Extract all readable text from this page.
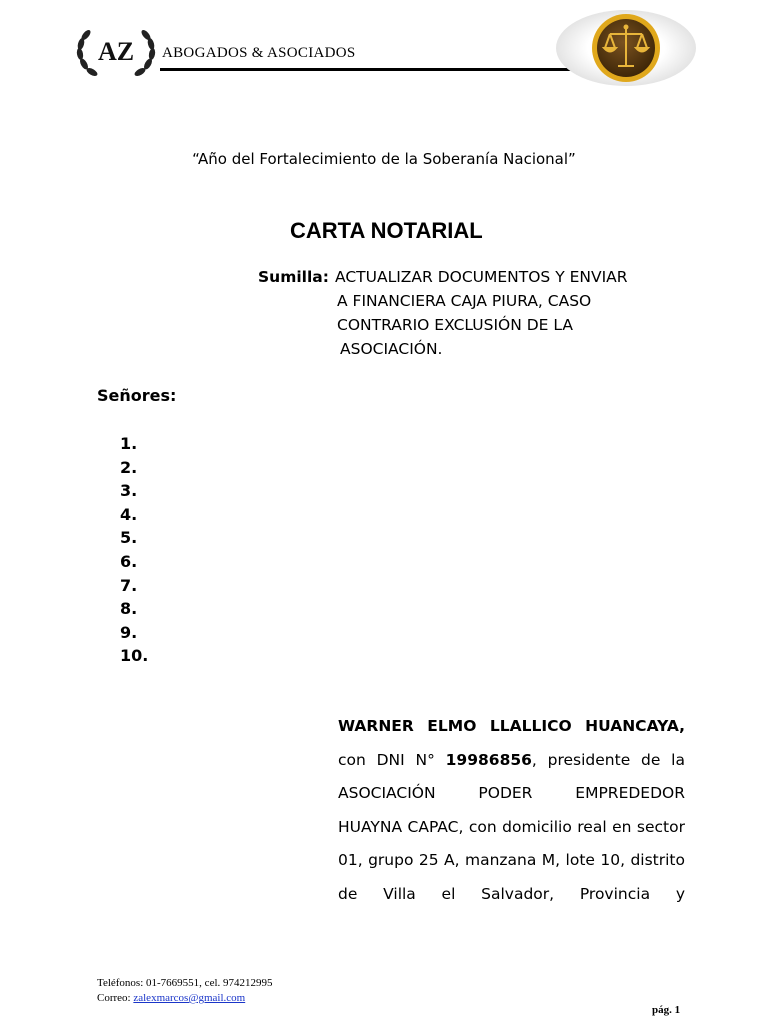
AZ ABOGADOS & ASOCIADOS
“Año del Fortalecimiento de la Soberanía Nacional”
CARTA NOTARIAL
Sumilla: ACTUALIZAR DOCUMENTOS Y ENVIAR
A FINANCIERA CAJA PIURA, CASO
CONTRARIO EXCLUSIÓN DE LA
ASOCIACIÓN.
Señores:
1.
2.
3.
4.
5.
6.
7.
8.
9.
10.
WARNER ELMO LLALLICO HUANCAYA,
con DNI N° 19986856, presidente de la
ASOCIACIÓN PODER EMPREDEDOR
HUAYNA CAPAC, con domicilio real en sector
01, grupo 25 A, manzana M, lote 10, distrito
de Villa el Salvador, Provincia y
Teléfonos: 01-7669551, cel. 974212995
Correo: zalexmarcos@gmail.com
pág. 1
